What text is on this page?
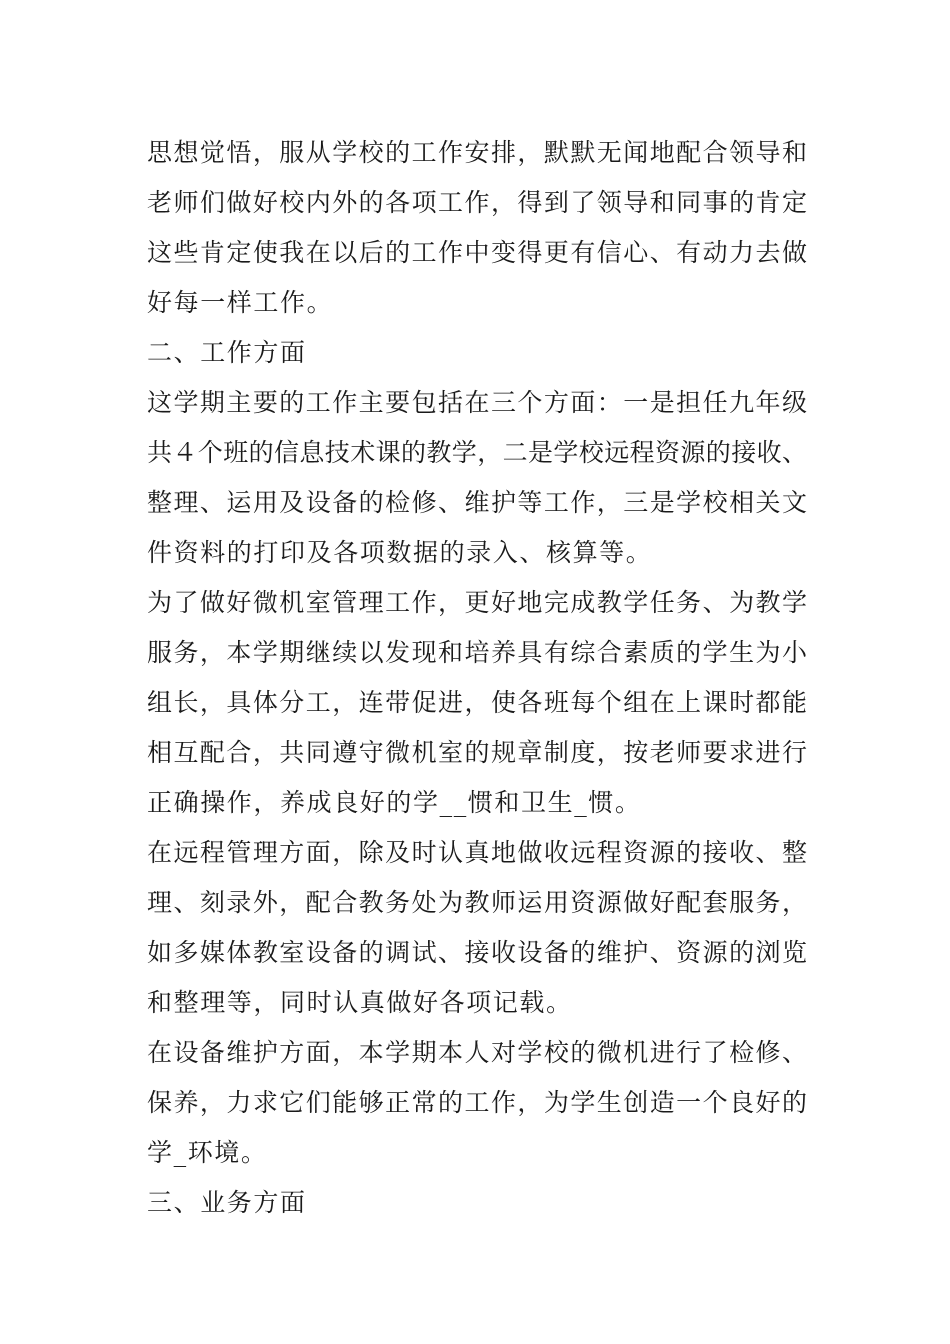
思想觉悟，服从学校的工作安排，默默无闻地配合领导和
老师们做好校内外的各项工作，得到了领导和同事的肯定
这些肯定使我在以后的工作中变得更有信心、有动力去做
好每一样工作。
二、工作方面
这学期主要的工作主要包括在三个方面：一是担任九年级
共４个班的信息技术课的教学，二是学校远程资源的接收、
整理、运用及设备的检修、维护等工作，三是学校相关文
件资料的打印及各项数据的录入、核算等。
为了做好微机室管理工作，更好地完成教学任务、为教学
服务，本学期继续以发现和培养具有综合素质的学生为小
组长，具体分工，连带促进，使各班每个组在上课时都能
相互配合，共同遵守微机室的规章制度，按老师要求进行
正确操作，养成良好的学__惯和卫生_惯。
在远程管理方面，除及时认真地做收远程资源的接收、整
理、刻录外，配合教务处为教师运用资源做好配套服务，
如多媒体教室设备的调试、接收设备的维护、资源的浏览
和整理等，同时认真做好各项记载。
在设备维护方面，本学期本人对学校的微机进行了检修、
保养，力求它们能够正常的工作，为学生创造一个良好的
学_环境。
三、业务方面
